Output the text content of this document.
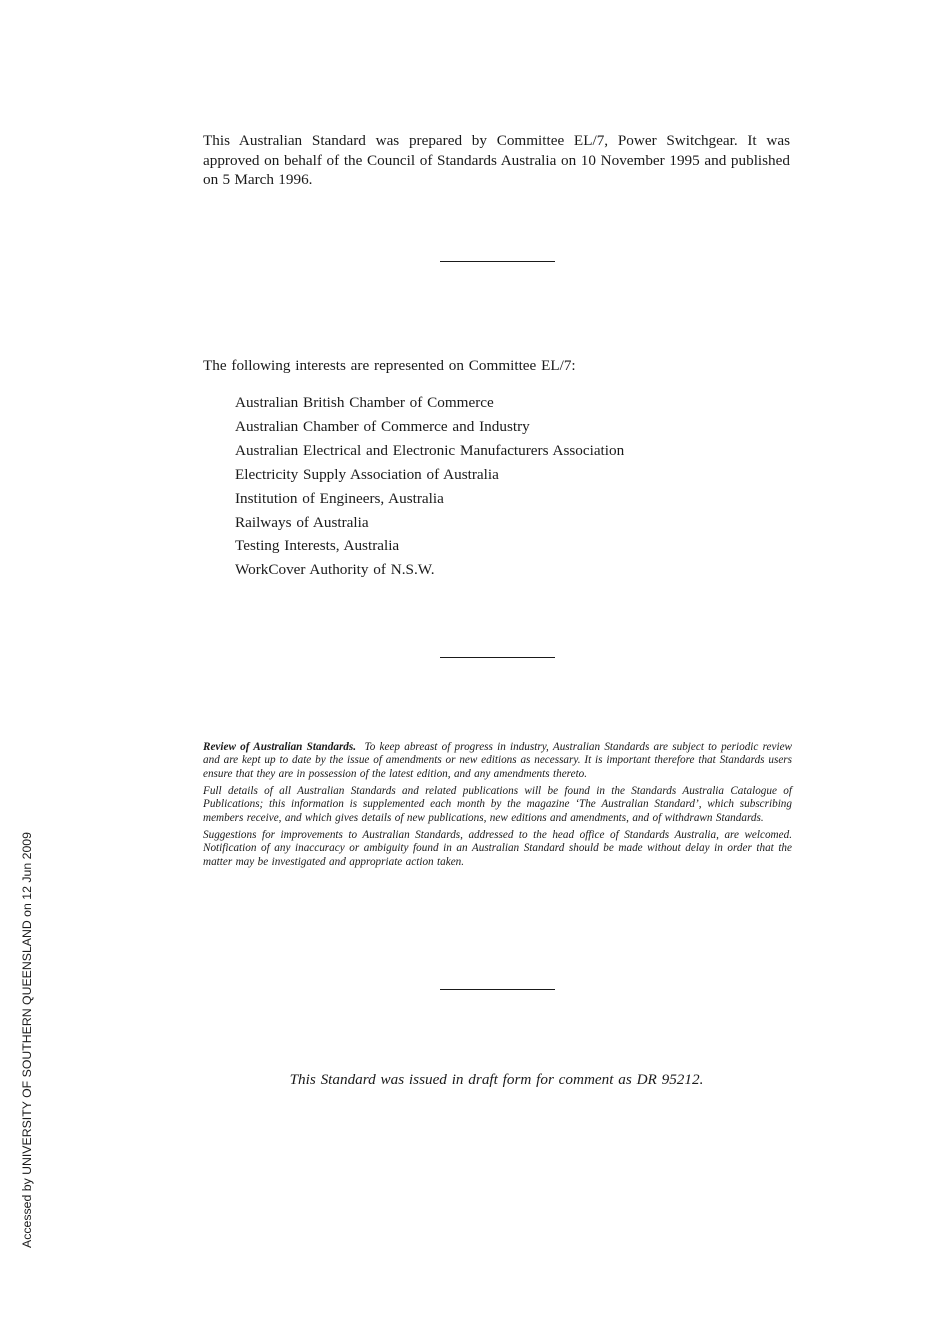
This Australian Standard was prepared by Committee EL/7, Power Switchgear. It was approved on behalf of the Council of Standards Australia on 10 November 1995 and published on 5 March 1996.

The following interests are represented on Committee EL/7:

Australian British Chamber of Commerce
Australian Chamber of Commerce and Industry
Australian Electrical and Electronic Manufacturers Association
Electricity Supply Association of Australia
Institution of Engineers, Australia
Railways of Australia
Testing Interests, Australia
WorkCover Authority of N.S.W.

Review of Australian Standards. To keep abreast of progress in industry, Australian Standards are subject to periodic review and are kept up to date by the issue of amendments or new editions as necessary. It is important therefore that Standards users ensure that they are in possession of the latest edition, and any amendments thereto.

Full details of all Australian Standards and related publications will be found in the Standards Australia Catalogue of Publications; this information is supplemented each month by the magazine ‘The Australian Standard’, which subscribing members receive, and which gives details of new publications, new editions and amendments, and of withdrawn Standards.

Suggestions for improvements to Australian Standards, addressed to the head office of Standards Australia, are welcomed. Notification of any inaccuracy or ambiguity found in an Australian Standard should be made without delay in order that the matter may be investigated and appropriate action taken.

This Standard was issued in draft form for comment as DR 95212.

Accessed by UNIVERSITY OF SOUTHERN QUEENSLAND on 12 Jun 2009
